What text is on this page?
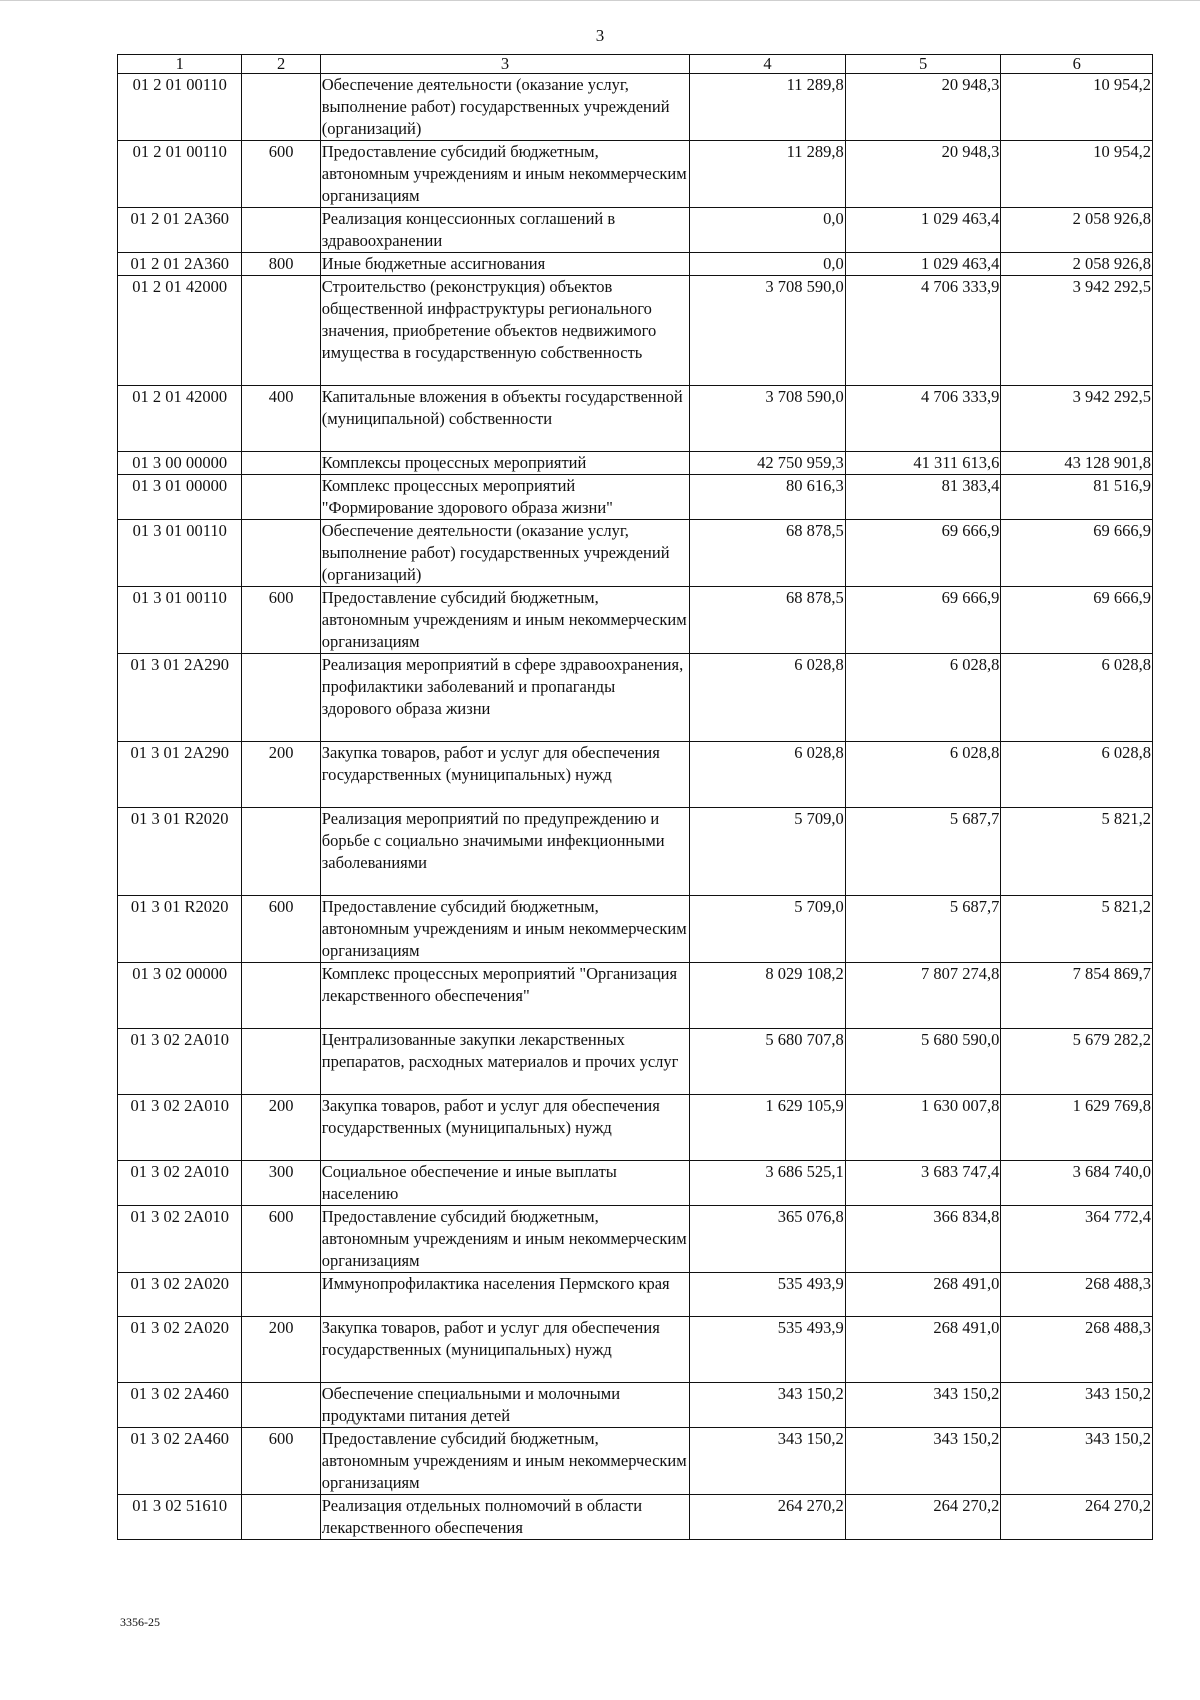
3
1	2	3	4	5	6
01 2 01 00110		Обеспечение деятельности (оказание услуг, выполнение работ) государственных учреждений (организаций)	11 289,8	20 948,3	10 954,2
01 2 01 00110	600	Предоставление субсидий бюджетным, автономным учреждениям и иным некоммерческим организациям	11 289,8	20 948,3	10 954,2
01 2 01 2А360		Реализация концессионных соглашений в здравоохранении	0,0	1 029 463,4	2 058 926,8
01 2 01 2А360	800	Иные бюджетные ассигнования	0,0	1 029 463,4	2 058 926,8
01 2 01 42000		Строительство (реконструкция) объектов общественной инфраструктуры регионального значения, приобретение объектов недвижимого имущества в государственную собственность	3 708 590,0	4 706 333,9	3 942 292,5
01 2 01 42000	400	Капитальные вложения в объекты государственной (муниципальной) собственности	3 708 590,0	4 706 333,9	3 942 292,5
01 3 00 00000		Комплексы процессных мероприятий	42 750 959,3	41 311 613,6	43 128 901,8
01 3 01 00000		Комплекс процессных мероприятий "Формирование здорового образа жизни"	80 616,3	81 383,4	81 516,9
01 3 01 00110		Обеспечение деятельности (оказание услуг, выполнение работ) государственных учреждений (организаций)	68 878,5	69 666,9	69 666,9
01 3 01 00110	600	Предоставление субсидий бюджетным, автономным учреждениям и иным некоммерческим организациям	68 878,5	69 666,9	69 666,9
01 3 01 2А290		Реализация мероприятий в сфере здравоохранения, профилактики заболеваний и пропаганды здорового образа жизни	6 028,8	6 028,8	6 028,8
01 3 01 2А290	200	Закупка товаров, работ и услуг для обеспечения государственных (муниципальных) нужд	6 028,8	6 028,8	6 028,8
01 3 01 R2020		Реализация мероприятий по предупреждению и борьбе с социально значимыми инфекционными заболеваниями	5 709,0	5 687,7	5 821,2
01 3 01 R2020	600	Предоставление субсидий бюджетным, автономным учреждениям и иным некоммерческим организациям	5 709,0	5 687,7	5 821,2
01 3 02 00000		Комплекс процессных мероприятий "Организация лекарственного обеспечения"	8 029 108,2	7 807 274,8	7 854 869,7
01 3 02 2А010		Централизованные закупки лекарственных препаратов, расходных материалов и прочих услуг	5 680 707,8	5 680 590,0	5 679 282,2
01 3 02 2А010	200	Закупка товаров, работ и услуг для обеспечения государственных (муниципальных) нужд	1 629 105,9	1 630 007,8	1 629 769,8
01 3 02 2А010	300	Социальное обеспечение и иные выплаты населению	3 686 525,1	3 683 747,4	3 684 740,0
01 3 02 2А010	600	Предоставление субсидий бюджетным, автономным учреждениям и иным некоммерческим организациям	365 076,8	366 834,8	364 772,4
01 3 02 2А020		Иммунопрофилактика населения Пермского края	535 493,9	268 491,0	268 488,3
01 3 02 2А020	200	Закупка товаров, работ и услуг для обеспечения государственных (муниципальных) нужд	535 493,9	268 491,0	268 488,3
01 3 02 2А460		Обеспечение специальными и молочными продуктами питания детей	343 150,2	343 150,2	343 150,2
01 3 02 2А460	600	Предоставление субсидий бюджетным, автономным учреждениям и иным некоммерческим организациям	343 150,2	343 150,2	343 150,2
01 3 02 51610		Реализация отдельных полномочий в области лекарственного обеспечения	264 270,2	264 270,2	264 270,2
3356-25
